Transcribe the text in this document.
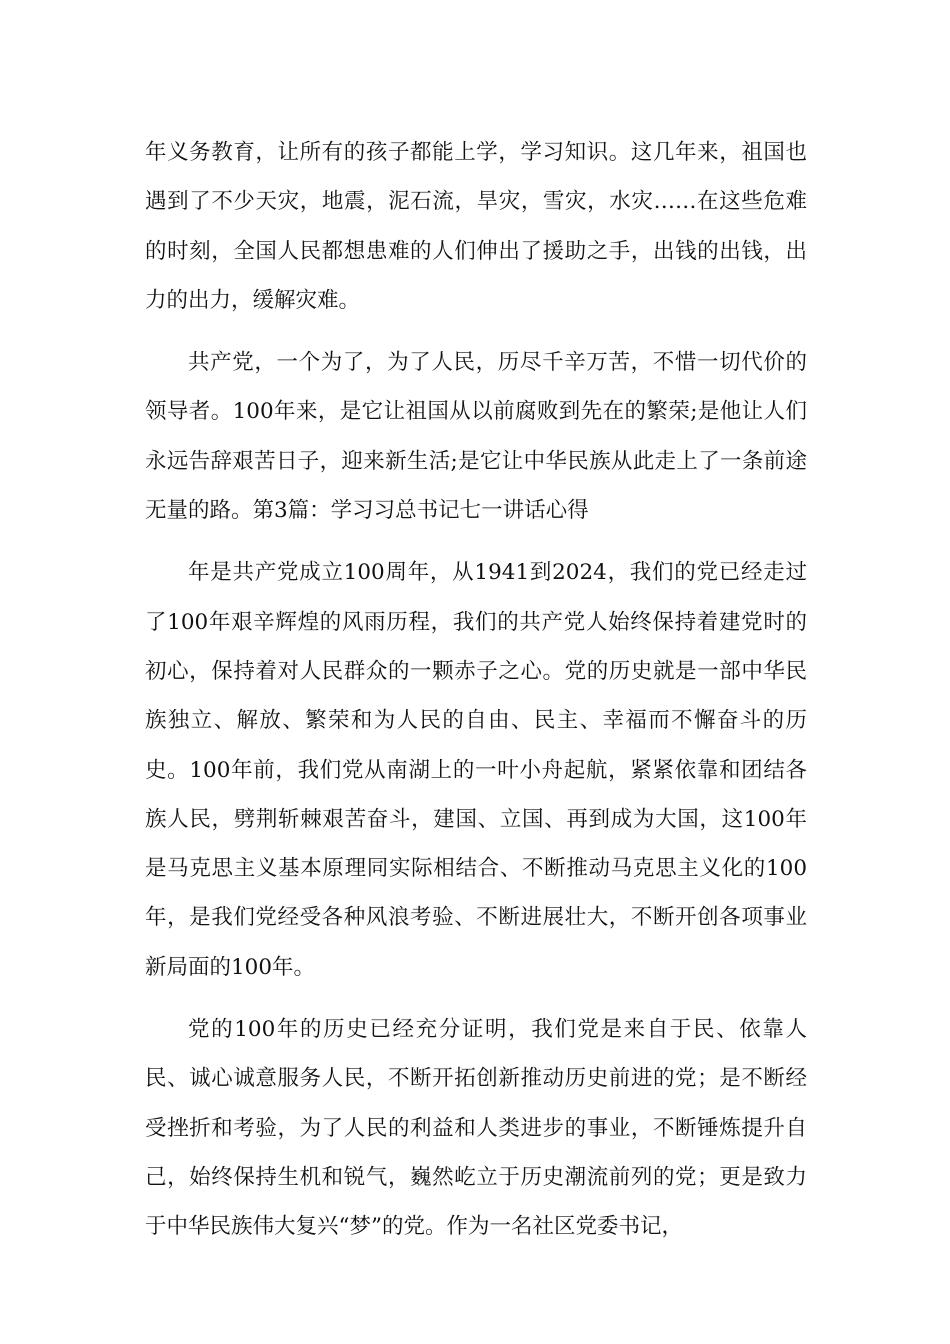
年义务教育，让所有的孩子都能上学，学习知识。这几年来，祖国也遇到了不少天灾，地震，泥石流，旱灾，雪灾，水灾……在这些危难的时刻，全国人民都想患难的人们伸出了援助之手，出钱的出钱，出力的出力，缓解灾难。

共产党，一个为了，为了人民，历尽千辛万苦，不惜一切代价的领导者。100年来，是它让祖国从以前腐败到先在的繁荣;是他让人们永远告辞艰苦日子，迎来新生活;是它让中华民族从此走上了一条前途无量的路。第3篇：学习习总书记七一讲话心得

年是共产党成立100周年，从1941到2024，我们的党已经走过了100年艰辛辉煌的风雨历程，我们的共产党人始终保持着建党时的初心，保持着对人民群众的一颗赤子之心。党的历史就是一部中华民族独立、解放、繁荣和为人民的自由、民主、幸福而不懈奋斗的历史。100年前，我们党从南湖上的一叶小舟起航，紧紧依靠和团结各族人民，劈荆斩棘艰苦奋斗，建国、立国、再到成为大国，这100年是马克思主义基本原理同实际相结合、不断推动马克思主义化的100年，是我们党经受各种风浪考验、不断进展壮大，不断开创各项事业新局面的100年。

党的100年的历史已经充分证明，我们党是来自于民、依靠人民、诚心诚意服务人民，不断开拓创新推动历史前进的党；是不断经受挫折和考验，为了人民的利益和人类进步的事业，不断锤炼提升自己，始终保持生机和锐气，巍然屹立于历史潮流前列的党；更是致力于中华民族伟大复兴“梦”的党。作为一名社区党委书记，
